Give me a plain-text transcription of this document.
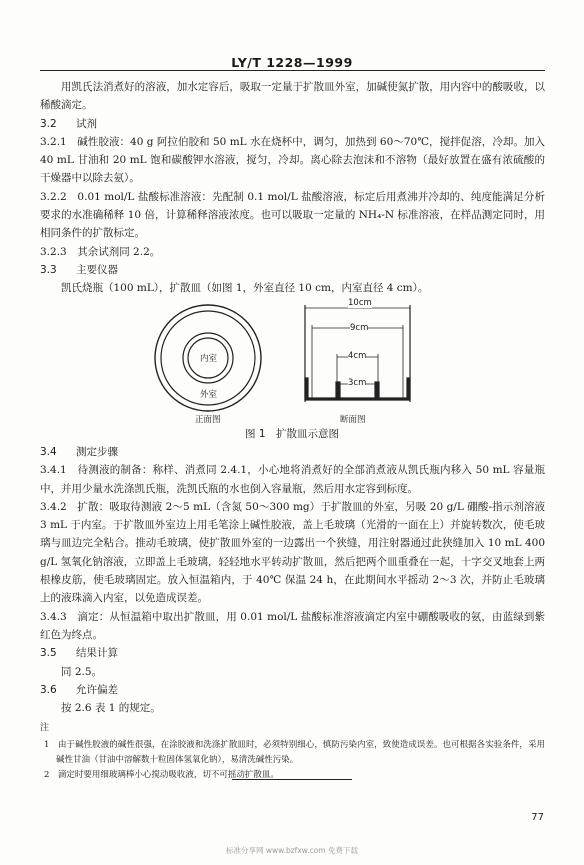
LY/T 1228—1999

用凯氏法消煮好的溶液，加水定容后，吸取一定量于扩散皿外室，加碱使氮扩散，用内容中的酸吸收，以稀酸滴定。

3.2 试剂

3.2.1　碱性胶液：40 g 阿拉伯胶和 50 mL 水在烧杯中，调匀，加热到 60～70℃，搅拌促溶，冷却。加入 40 mL 甘油和 20 mL 饱和碳酸钾水溶液，搅匀，冷却。离心除去泡沫和不溶物（最好放置在盛有浓硫酸的干燥器中以除去氨）。

3.2.2　0.01 mol/L 盐酸标准溶液：先配制 0.1 mol/L 盐酸溶液，标定后用煮沸并冷却的、纯度能满足分析要求的水准确稀释 10 倍，计算稀释溶液浓度。也可以吸取一定量的 NH₄-N 标准溶液，在样品测定同时，用相同条件的扩散标定。

3.2.3　其余试剂同 2.2。

3.3 主要仪器

凯氏烧瓶（100 mL），扩散皿（如图 1，外室直径 10 cm，内室直径 4 cm）。

内室
外室
10cm
9cm
4cm
3cm
正面图	断面图
图 1　扩散皿示意图

3.4 测定步骤

3.4.1　待测液的制备：称样、消煮同 2.4.1，小心地将消煮好的全部消煮液从凯氏瓶内移入 50 mL 容量瓶中，并用少量水洗涤凯氏瓶，洗凯氏瓶的水也倒入容量瓶，然后用水定容到标度。

3.4.2　扩散：吸取待测液 2～5 mL（含氮 50～300 mg）于扩散皿的外室，另吸 20 g/L 硼酸-指示剂溶液 3 mL 于内室。于扩散皿外室边上用毛笔涂上碱性胶液，盖上毛玻璃（光滑的一面在上）并旋转数次，使毛玻璃与皿边完全粘合。推动毛玻璃，使扩散皿外室的一边露出一个狭缝，用注射器通过此狭缝加入 10 mL 400 g/L 氢氧化钠溶液，立即盖上毛玻璃，轻轻地水平转动扩散皿，然后把两个皿重叠在一起，十字交叉地套上两根橡皮筋，使毛玻璃固定。放入恒温箱内，于 40℃ 保温 24 h，在此期间水平摇动 2～3 次，并防止毛玻璃上的液珠滴入内室，以免造成误差。

3.4.3　滴定：从恒温箱中取出扩散皿，用 0.01 mol/L 盐酸标准溶液滴定内室中硼酸吸收的氨，由蓝绿到紫红色为终点。

3.5 结果计算

同 2.5。

3.6 允许偏差

按 2.6 表 1 的规定。

注

1　由于碱性胶液的碱性很强，在涂胶液和洗涤扩散皿时，必须特别细心，慎防污染内室，致使造成误差。也可根据各实验条件，采用碱性甘油（甘油中溶解数十粒固体氢氧化钠），易清洗碱性污染。

2　滴定时要用细玻璃棒小心搅动吸收液，切不可摇动扩散皿。

77
标准分享网 www.bzfxw.com 免费下载
